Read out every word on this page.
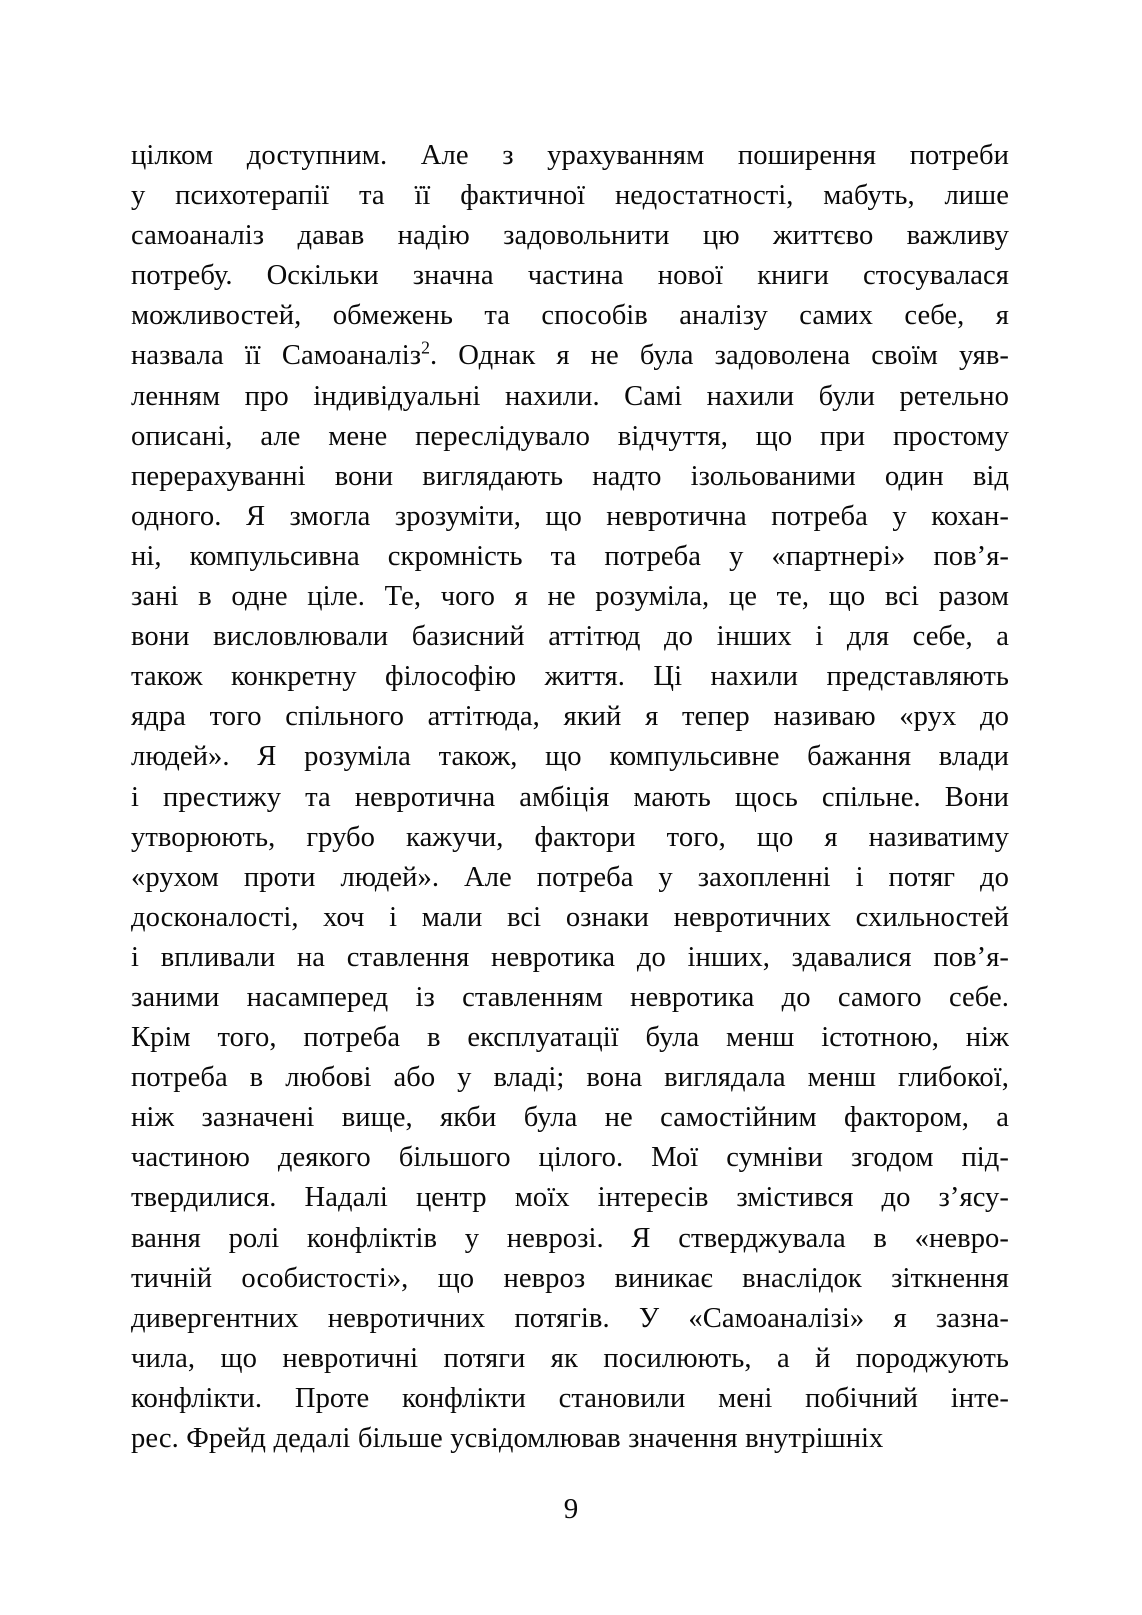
цілком доступним. Але з урахуванням поширення потреби
у психотерапії та її фактичної недостатності, мабуть, лише
самоаналіз давав надію задовольнити цю життєво важливу
потребу. Оскільки значна частина нової книги стосувалася
можливостей, обмежень та способів аналізу самих себе, я
назвала її Самоаналіз$^2$. Однак я не була задоволена своїм уяв-
ленням про індивідуальні нахили. Самі нахили були ретельно
описані, але мене переслідувало відчуття, що при простому
перерахуванні вони виглядають надто ізольованими один від
одного. Я змогла зрозуміти, що невротична потреба у кохан-
ні, компульсивна скромність та потреба у «партнері» пов’я-
зані в одне ціле. Те, чого я не розуміла, це те, що всі разом
вони висловлювали базисний аттітюд до інших і для себе, а
також конкретну філософію життя. Ці нахили представляють
ядра того спільного аттітюда, який я тепер називаю «рух до
людей». Я розуміла також, що компульсивне бажання влади
і престижу та невротична амбіція мають щось спільне. Вони
утворюють, грубо кажучи, фактори того, що я називатиму
«рухом проти людей». Але потреба у захопленні і потяг до
досконалості, хоч і мали всі ознаки невротичних схильностей
і впливали на ставлення невротика до інших, здавалися пов’я-
заними насамперед із ставленням невротика до самого себе.
Крім того, потреба в експлуатації була менш істотною, ніж
потреба в любові або у владі; вона виглядала менш глибокої,
ніж зазначені вище, якби була не самостійним фактором, а
частиною деякого більшого цілого. Мої сумніви згодом під-
твердилися. Надалі центр моїх інтересів змістився до з’ясу-
вання ролі конфліктів у неврозі. Я стверджувала в «невро-
тичній особистості», що невроз виникає внаслідок зіткнення
дивергентних невротичних потягів. У «Самоаналізі» я зазна-
чила, що невротичні потяги як посилюють, а й породжують
конфлікти. Проте конфлікти становили мені побічний інте-
рес. Фрейд дедалі більше усвідомлював значення внутрішніх
9
